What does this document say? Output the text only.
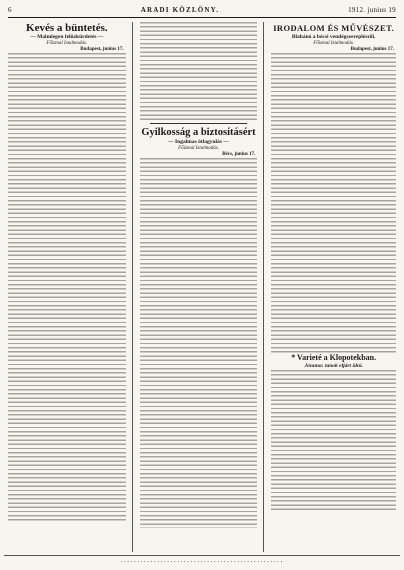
6	ARADI KÖZLÖNY.	1912. junius 19
Kevés a büntetés.
— Malmlegen felüzkürdetés —
Főizmal Istalmodás.
Budapest, junius 17.
Gyilkosság a biztosításért
— Ingalmas ötlagyulás —
Főizmal Istalmodás.
Bécs, junius 17.
IRODALOM ÉS MŰVÉSZET.
Blahánó a bécsi vendégszereplésről.
Főizmal Istalmodás.
Budapest, junius 17.
* Varieté a Klopotekban.
Jónuna: tanok eljárt ülni.
·················································
